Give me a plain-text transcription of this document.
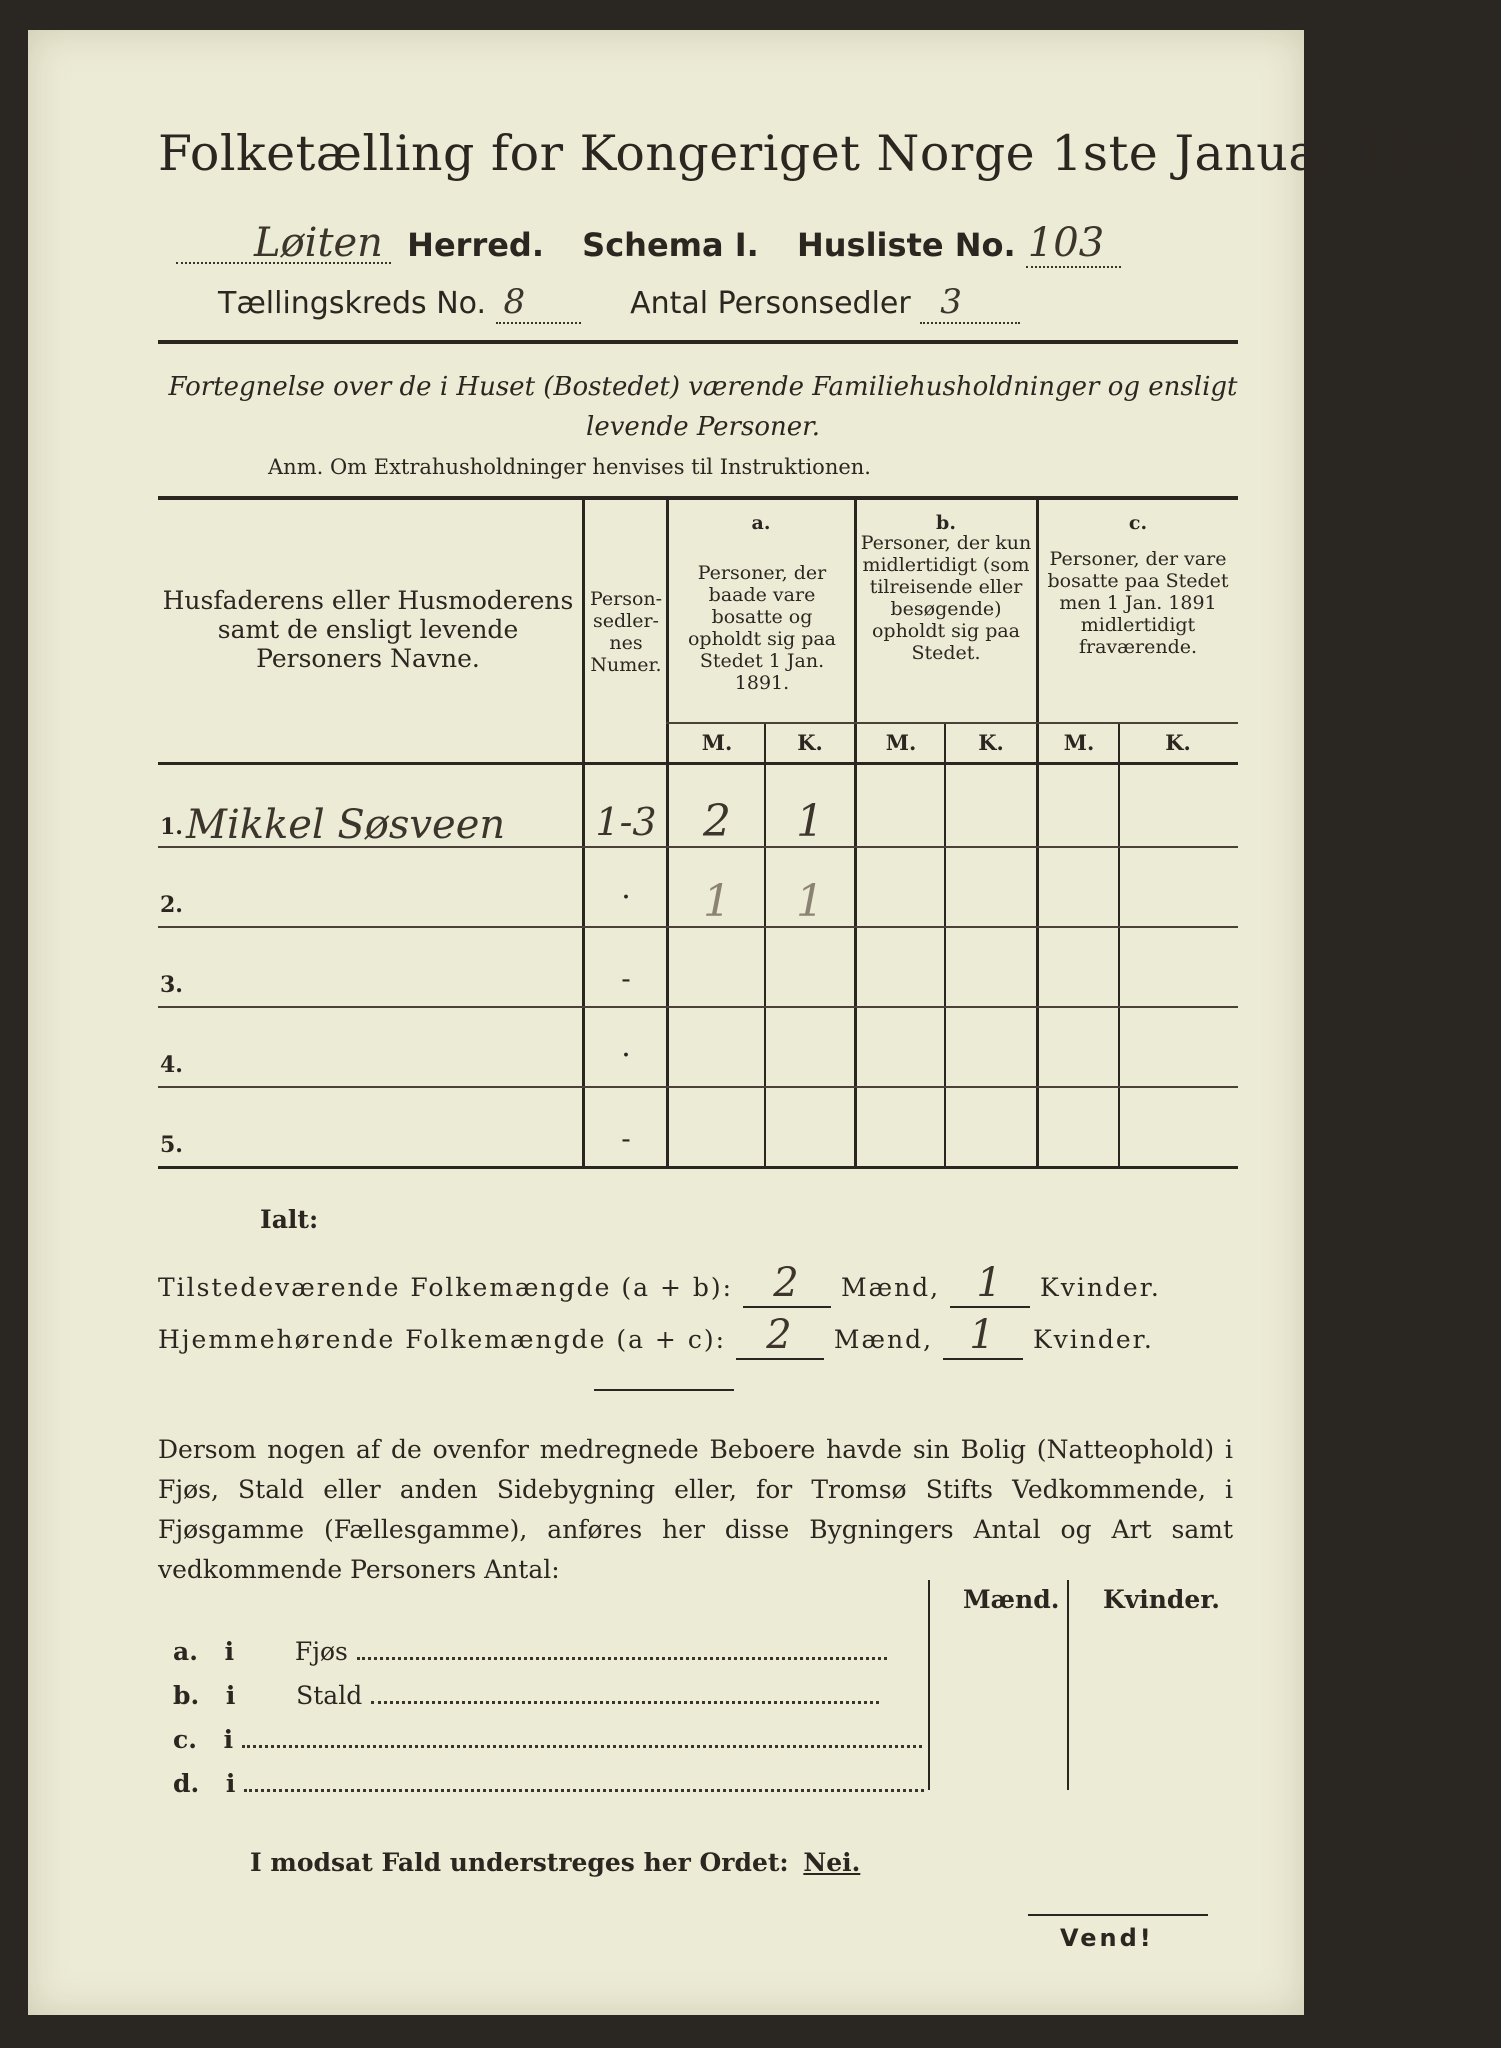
Folketælling for Kongeriget Norge 1ste Januar 1891.
Løiten Herred. Schema I. Husliste No. 103
Tællingskreds No. 8	Antal Personsedler 3
Fortegnelse over de i Huset (Bostedet) værende Familiehusholdninger og ensligt levende Personer.
Anm. Om Extrahusholdninger henvises til Instruktionen.
Husfaderens eller Husmoderens samt de ensligt levende Personers Navne.
Person-sedler-nes Numer.
a.
Personer, der baade vare bosatte og opholdt sig paa Stedet 1 Jan. 1891.
b.
Personer, der kun midlertidigt (som tilreisende eller besøgende) opholdt sig paa Stedet.
c.
Personer, der vare bosatte paa Stedet men 1 Jan. 1891 midlertidigt fraværende.
M.	K.	M.	K.	M.	K.
1. Mikkel Søsveen 1-3	2	1
2.	·	1	1
3.	-
4.	·
5.	-
Ialt:
Tilstedeværende Folkemængde (a + b): 2 Mænd, 1 Kvinder.
Hjemmehørende Folkemængde (a + c): 2 Mænd, 1 Kvinder.
Dersom nogen af de ovenfor medregnede Beboere havde sin Bolig (Natteophold) i Fjøs, Stald eller anden Sidebygning eller, for Tromsø Stifts Vedkommende, i Fjøsgamme (Fællesgamme), anføres her disse Bygningers Antal og Art samt vedkommende Personers Antal:
Mænd. Kvinder.
a. i Fjøs
b. i Stald
c. i
d. i
I modsat Fald understreges her Ordet: Nei.
Vend!
